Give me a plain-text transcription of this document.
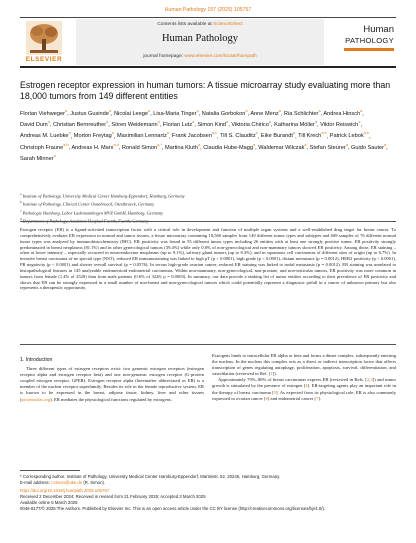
Human Pathology 157 (2025) 105757
ELSEVIER
Contents lists available at ScienceDirect
Human Pathology
journal homepage: www.elsevier.com/locate/humpath
Human
PATHOLOGY
Estrogen receptor expression in human tumors: A tissue microarray study evaluating more than 18,000 tumors from 149 different entities
Florian Viehweger$^a$, Justus Gusinde$^a$, Nicolai Leege$^a$, Lisa-Maria Tinger$^a$, Natalia Gorbokon$^a$, Anne Menz$^a$, Ria Schlichter$^a$, Andrea Hinsch$^a$, David Dum$^a$, Christian Bernreuther$^a$, Sören Weidemann$^a$, Florian Lutz$^a$, Simon Kind$^a$, Viktoria Chirico$^a$, Katharina Möller$^a$, Viktor Reiswich$^a$, Andreas M. Luebke$^a$, Morton Freytag$^a$, Maximilian Lennartz$^a$, Frank Jacobsen$^{a,c}$, Till S. Clauditz$^a$, Eike Burandt$^a$, Till Krech$^{a,b}$, Patrick Lebok$^{a,b}$, Christoph Fraune$^{a,b}$, Andreas H. Marx$^{a,d}$, Ronald Simon$^{a,*}$, Martina Kluth$^a$, Claudia Hube-Magg$^a$, Waldemar Wilczak$^a$, Stefan Steurer$^a$, Guido Sauter$^a$, Sarah Minner$^a$
$^a$ Institute of Pathology, University Medical Center Hamburg-Eppendorf, Hamburg, Germany
$^b$ Institute of Pathology, Clinical Center Osnabrueck, Osnabrueck, Germany
$^c$ Pathologie Hamburg, Labor Lademannbogen MVZ GmbH, Hamburg, Germany
$^d$
Estrogen receptor (ER) is a ligand-activated transcription factor with a critical role in development and function of multiple organ systems and a well-established drug target for breast cancer. To comprehensively evaluate ER expression in normal and tumor tissues, a tissue microarray containing 18,560 samples from 149 different tumor types and subtypes and 608 samples of 76 different normal tissue types was analyzed by immunohistochemistry (IHC). ER positivity was found in 55 different tumor types including 26 entities with at least one strongly positive tumor. ER positivity strongly predominated in breast neoplasms (81.1%) and in other gynecological tumors (39.4%) while only 0.8% of non-gynecological and non-mammary tumors showed ER positivity. Among those, ER staining – often at lower intensity – especially occurred in neuroendocrine neoplasms (up to 9.1%), salivary gland tumors (up to 8.3%), and in squamous cell carcinomas of different sites of origin (up to 6.7%). In invasive breast carcinoma of no special type (NST), reduced ER immunostaining was linked to high pT (p < 0.0001), high grade (p < 0.0001), distant metastasis (p = 0.0012), HER2 positivity (p < 0.0001), PR negativity (p < 0.0001) and shorter overall survival (p = 0.0576). In serous high-grade ovarian cancer, reduced ER staining was linked to nodal metastasis (p = 0.0012). ER staining was unrelated to histopathological features in 145 analyzable endometrioid endometrial carcinomas. Within non-mammary, non-gynecological, non-prostate, and non-testicular tumors, ER positivity was more common in tumors from female (1.4% of 2528) than from male patients (0.6% of 3228; p = 0.0003). In summary, our data provide a ranking list of tumor entities according to their prevalence of ER positivity and shows that ER can be strongly expressed in a small number of non-breast and non-gynecological tumors which could potentially represent a diagnostic pitfall in a cancer of unknown primary but also represents a therapeutic opportunity.
1. Introduction

Three different types of estrogen receptors exist: two genomic estrogen receptors (estrogen receptor alpha and estrogen receptor beta) and one non-genomic estrogen receptor (G-protein coupled estrogen receptor, GPER). Estrogen receptor alpha (hereinafter abbreviated as ER) is a member of the nuclear receptor superfamily. Besides its role in the female reproductive system, ER is known to be expressed in the breast, adipose tissue, kidney, liver and other tissues (proteinatlas.org). ER mediates the physiological functions regulated by estrogens.

Estrogens binds to intracellular ER alpha or beta and forms a dimer complex, subsequently entering the nucleus. In the nucleus this complex acts as a direct or indirect transcription factor that affects transcription of genes regulating autophagy, proliferation, apoptosis, survival, differentiation, and vasodilation (reviewed in Ref. [1]).

Approximately 70%–80% of breast carcinomas express ER (reviewed in Refs. [2,3]) and tumor growth is stimulated by the presence of estrogen [4]. ER-targeting agents play an important role in the therapy of breast carcinoma [5]. As expected from its physiological role, ER is also commonly expressed in ovarian cancer [6] and endometrial cancer [7].

* Corresponding author. Institute of Pathology, University Medical Center Hamburg-Eppendorf, Martinistr. 52, 20246, Hamburg, Germany.
E-mail address: r.simon@uke.de (R. Simon).
https://doi.org/10.1016/j.humpath.2025.105757
Received 2 December 2024; Received in revised form 21 February 2025; Accepted 3 March 2025
Available online 5 March 2025
0046-8177/© 2025 The Authors. Published by Elsevier Inc. This is an open access article under the CC BY license (http://creativecommons.org/licenses/by/4.0/).
